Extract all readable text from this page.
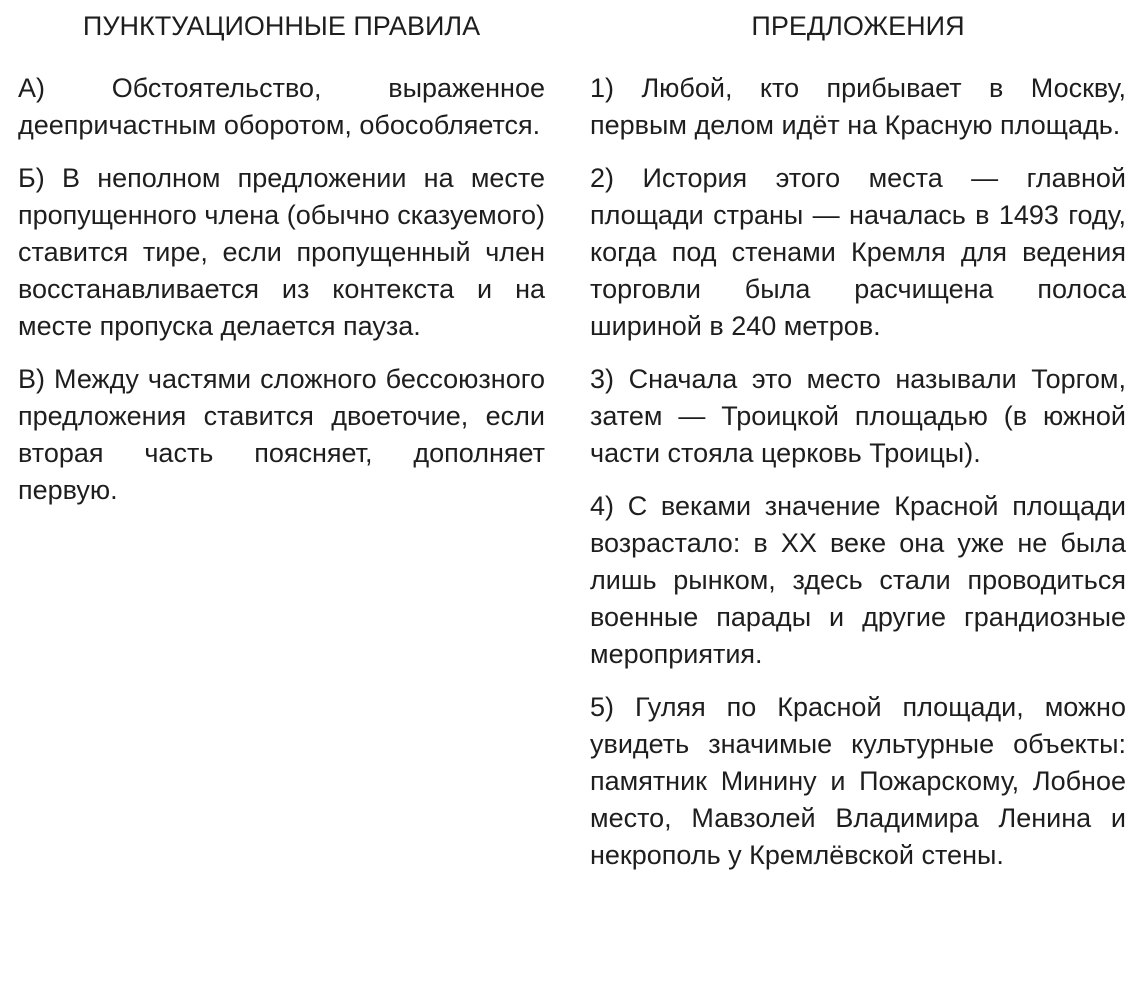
ПУНКТУАЦИОННЫЕ ПРАВИЛА

А) Обстоятельство, выраженное деепричастным оборотом, обособляется.

Б) В неполном предложении на месте пропущенного члена (обычно сказуемого) ставится тире, если пропущенный член восстанавливается из контекста и на месте пропуска делается пауза.

В) Между частями сложного бессоюзного предложения ставится двоеточие, если вторая часть поясняет, дополняет первую.

ПРЕДЛОЖЕНИЯ

1) Любой, кто прибывает в Москву, первым делом идёт на Красную площадь.

2) История этого места — главной площади страны — началась в 1493 году, когда под стенами Кремля для ведения торговли была расчищена полоса шириной в 240 метров.

3) Сначала это место называли Торгом, затем — Троицкой площадью (в южной части стояла церковь Троицы).

4) С веками значение Красной площади возрастало: в XX веке она уже не была лишь рынком, здесь стали проводиться военные парады и другие грандиозные мероприятия.

5) Гуляя по Красной площади, можно увидеть значимые культурные объекты: памятник Минину и Пожарскому, Лобное место, Мавзолей Владимира Ленина и некрополь у Кремлёвской стены.
